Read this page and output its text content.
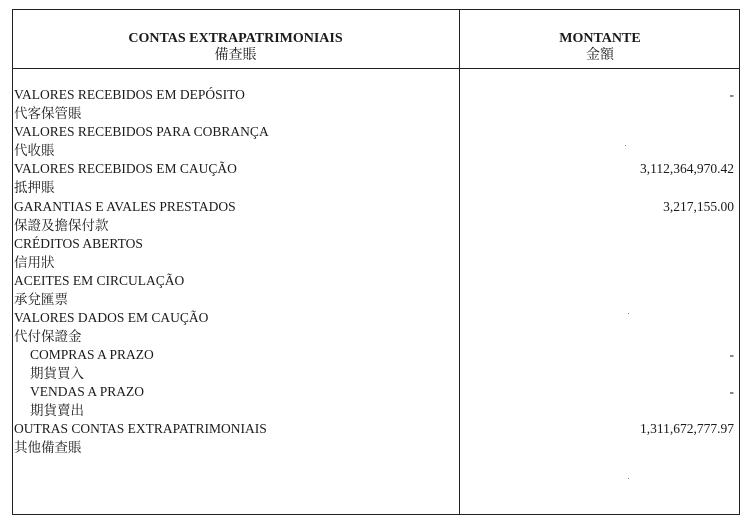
CONTAS EXTRAPATRIMONIAIS
備查賬
MONTANTE
金額
VALORES RECEBIDOS EM DEPÓSITO
代客保管賬
-
VALORES RECEBIDOS PARA COBRANÇA
代收賬
VALORES RECEBIDOS EM CAUÇÃO
抵押賬
3,112,364,970.42
GARANTIAS E AVALES PRESTADOS
保證及擔保付款
3,217,155.00
CRÉDITOS ABERTOS
信用狀
ACEITES EM CIRCULAÇÃO
承兌匯票
VALORES DADOS EM CAUÇÃO
代付保證金
COMPRAS A PRAZO
期貨買入
-
VENDAS A PRAZO
期貨賣出
-
OUTRAS CONTAS EXTRAPATRIMONIAIS
其他備查賬
1,311,672,777.97
